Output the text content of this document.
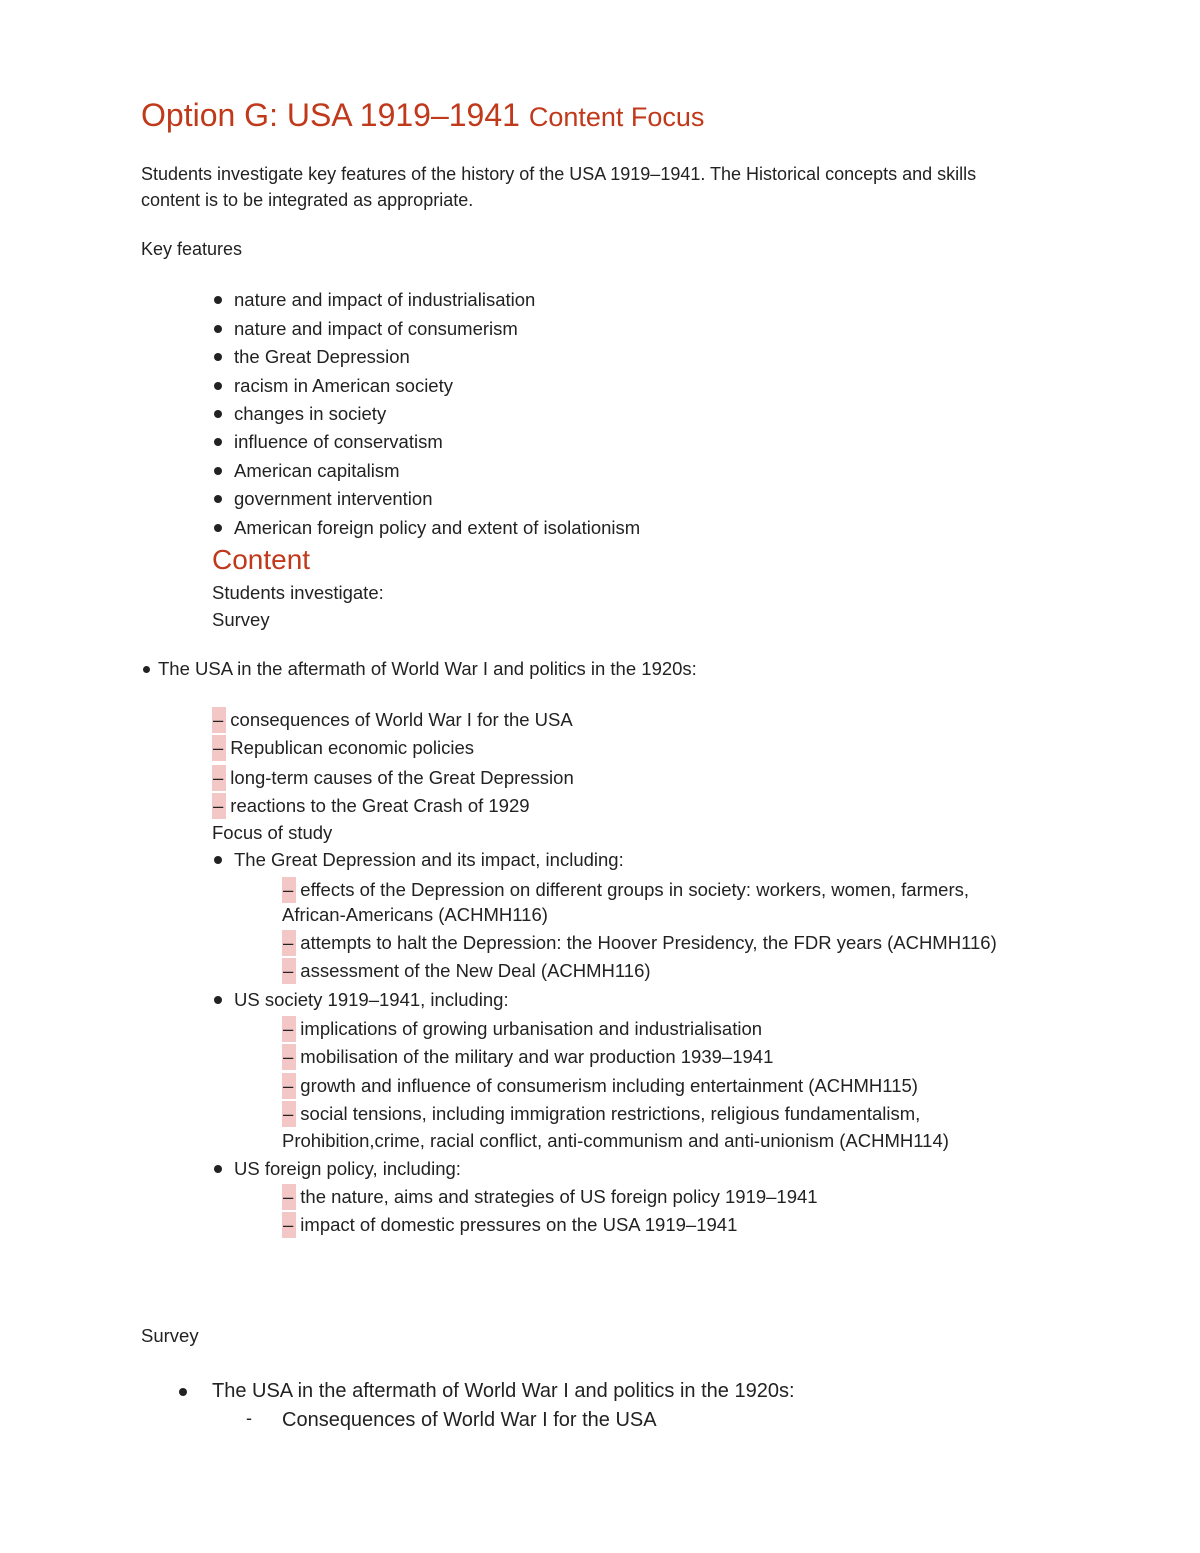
Option G: USA 1919–1941 Content Focus
Students investigate key features of the history of the USA 1919–1941. The Historical concepts and skills
content is to be integrated as appropriate.
Key features
nature and impact of industrialisation
nature and impact of consumerism
the Great Depression
racism in American society
changes in society
influence of conservatism
American capitalism
government intervention
American foreign policy and extent of isolationism
Content
Students investigate:
Survey
The USA in the aftermath of World War I and politics in the 1920s:
– consequences of World War I for the USA
– Republican economic policies
– long-term causes of the Great Depression
– reactions to the Great Crash of 1929
Focus of study
The Great Depression and its impact, including:
– effects of the Depression on different groups in society: workers, women, farmers,
African-Americans (ACHMH116)
– attempts to halt the Depression: the Hoover Presidency, the FDR years (ACHMH116)
– assessment of the New Deal (ACHMH116)
US society 1919–1941, including:
– implications of growing urbanisation and industrialisation
– mobilisation of the military and war production 1939–1941
– growth and influence of consumerism including entertainment (ACHMH115)
– social tensions, including immigration restrictions, religious fundamentalism,
Prohibition,crime, racial conflict, anti-communism and anti-unionism (ACHMH114)
US foreign policy, including:
– the nature, aims and strategies of US foreign policy 1919–1941
– impact of domestic pressures on the USA 1919–1941
Survey
The USA in the aftermath of World War I and politics in the 1920s:
- Consequences of World War I for the USA
